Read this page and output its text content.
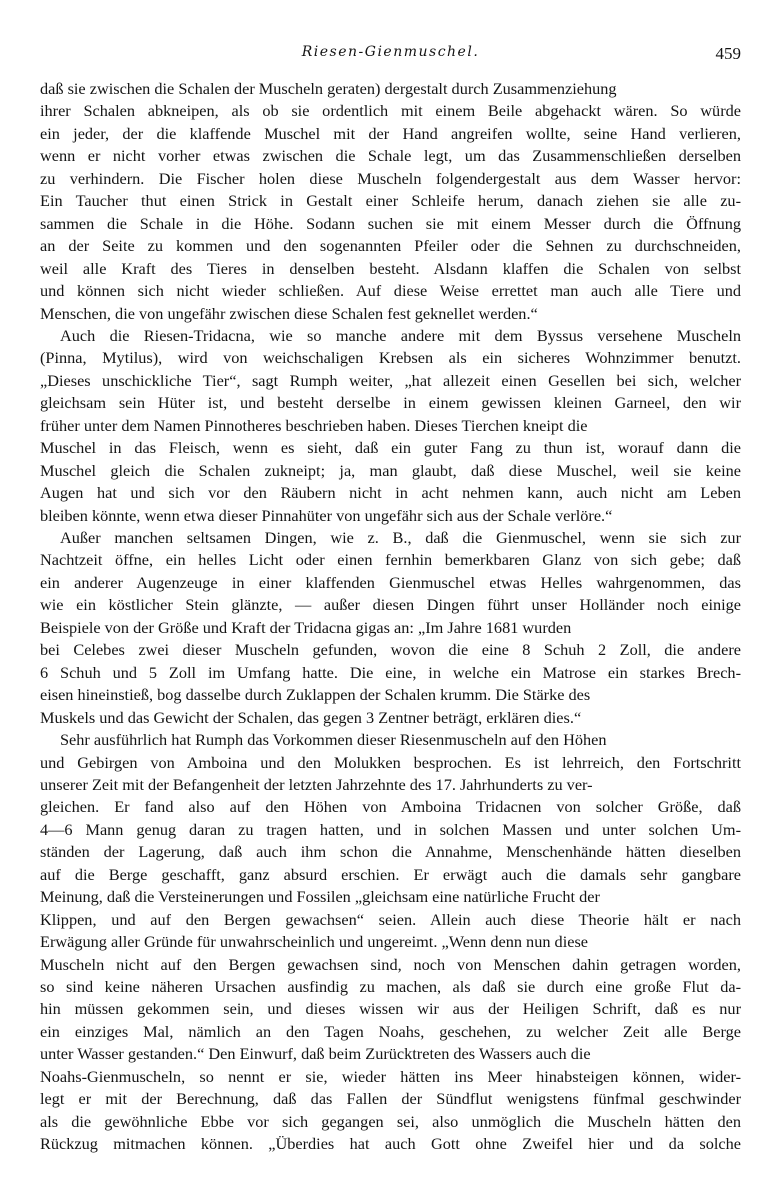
Riesen-Gienmuschel.	459
daß sie zwischen die Schalen der Muscheln geraten) dergestalt durch Zusammenziehung
ihrer Schalen abkneipen, als ob sie ordentlich mit einem Beile abgehackt wären. So würde
ein jeder, der die klaffende Muschel mit der Hand angreifen wollte, seine Hand verlieren,
wenn er nicht vorher etwas zwischen die Schale legt, um das Zusammenschließen derselben
zu verhindern. Die Fischer holen diese Muscheln folgendergestalt aus dem Wasser hervor:
Ein Taucher thut einen Strick in Gestalt einer Schleife herum, danach ziehen sie alle zu-
sammen die Schale in die Höhe. Sodann suchen sie mit einem Messer durch die Öffnung
an der Seite zu kommen und den sogenannten Pfeiler oder die Sehnen zu durchschneiden,
weil alle Kraft des Tieres in denselben besteht. Alsdann klaffen die Schalen von selbst
und können sich nicht wieder schließen. Auf diese Weise errettet man auch alle Tiere und
Menschen, die von ungefähr zwischen diese Schalen fest geknellet werden.“
Auch die Riesen-Tridacna, wie so manche andere mit dem Byssus versehene Muscheln
(Pinna, Mytilus), wird von weichschaligen Krebsen als ein sicheres Wohnzimmer benutzt.
„Dieses unschickliche Tier“, sagt Rumph weiter, „hat allezeit einen Gesellen bei sich, welcher
gleichsam sein Hüter ist, und besteht derselbe in einem gewissen kleinen Garneel, den wir
früher unter dem Namen Pinnotheres beschrieben haben. Dieses Tierchen kneipt die
Muschel in das Fleisch, wenn es sieht, daß ein guter Fang zu thun ist, worauf dann die
Muschel gleich die Schalen zukneipt; ja, man glaubt, daß diese Muschel, weil sie keine
Augen hat und sich vor den Räubern nicht in acht nehmen kann, auch nicht am Leben
bleiben könnte, wenn etwa dieser Pinnahüter von ungefähr sich aus der Schale verlöre.“
Außer manchen seltsamen Dingen, wie z. B., daß die Gienmuschel, wenn sie sich zur
Nachtzeit öffne, ein helles Licht oder einen fernhin bemerkbaren Glanz von sich gebe; daß
ein anderer Augenzeuge in einer klaffenden Gienmuschel etwas Helles wahrgenommen, das
wie ein köstlicher Stein glänzte, — außer diesen Dingen führt unser Holländer noch einige
Beispiele von der Größe und Kraft der Tridacna gigas an: „Im Jahre 1681 wurden
bei Celebes zwei dieser Muscheln gefunden, wovon die eine 8 Schuh 2 Zoll, die andere
6 Schuh und 5 Zoll im Umfang hatte. Die eine, in welche ein Matrose ein starkes Brech-
eisen hineinstieß, bog dasselbe durch Zuklappen der Schalen krumm. Die Stärke des
Muskels und das Gewicht der Schalen, das gegen 3 Zentner beträgt, erklären dies.“
Sehr ausführlich hat Rumph das Vorkommen dieser Riesenmuscheln auf den Höhen
und Gebirgen von Amboina und den Molukken besprochen. Es ist lehrreich, den Fortschritt
unserer Zeit mit der Befangenheit der letzten Jahrzehnte des 17. Jahrhunderts zu ver-
gleichen. Er fand also auf den Höhen von Amboina Tridacnen von solcher Größe, daß
4—6 Mann genug daran zu tragen hatten, und in solchen Massen und unter solchen Um-
ständen der Lagerung, daß auch ihm schon die Annahme, Menschenhände hätten dieselben
auf die Berge geschafft, ganz absurd erschien. Er erwägt auch die damals sehr gangbare
Meinung, daß die Versteinerungen und Fossilen „gleichsam eine natürliche Frucht der
Klippen, und auf den Bergen gewachsen“ seien. Allein auch diese Theorie hält er nach
Erwägung aller Gründe für unwahrscheinlich und ungereimt. „Wenn denn nun diese
Muscheln nicht auf den Bergen gewachsen sind, noch von Menschen dahin getragen worden,
so sind keine näheren Ursachen ausfindig zu machen, als daß sie durch eine große Flut da-
hin müssen gekommen sein, und dieses wissen wir aus der Heiligen Schrift, daß es nur
ein einziges Mal, nämlich an den Tagen Noahs, geschehen, zu welcher Zeit alle Berge
unter Wasser gestanden.“ Den Einwurf, daß beim Zurücktreten des Wassers auch die
Noahs-Gienmuscheln, so nennt er sie, wieder hätten ins Meer hinabsteigen können, wider-
legt er mit der Berechnung, daß das Fallen der Sündflut wenigstens fünfmal geschwinder
als die gewöhnliche Ebbe vor sich gegangen sei, also unmöglich die Muscheln hätten den
Rückzug mitmachen können. „Überdies hat auch Gott ohne Zweifel hier und da solche
